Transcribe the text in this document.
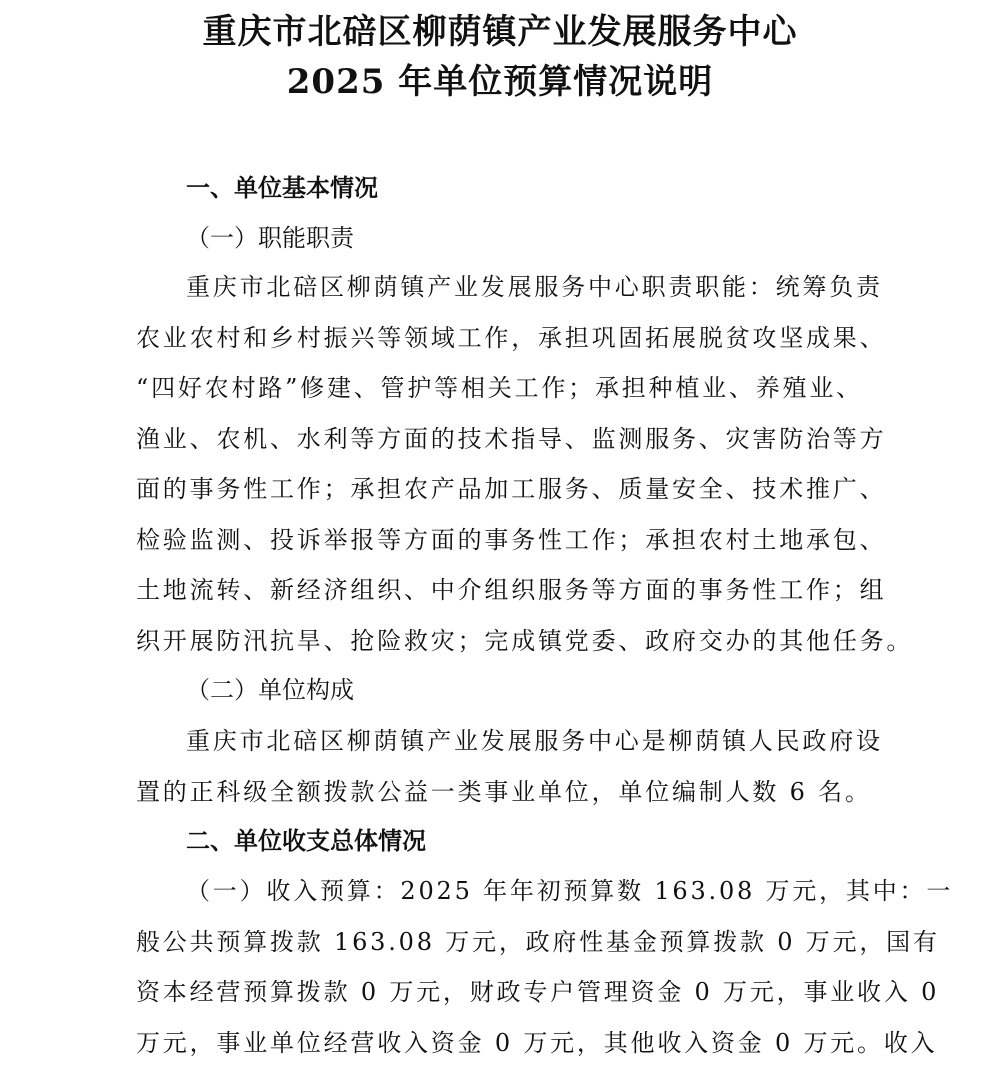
重庆市北碚区柳荫镇产业发展服务中心
2025 年单位预算情况说明
一、单位基本情况
（一）职能职责
重庆市北碚区柳荫镇产业发展服务中心职责职能：统筹负责
农业农村和乡村振兴等领域工作，承担巩固拓展脱贫攻坚成果、
“四好农村路”修建、管护等相关工作；承担种植业、养殖业、
渔业、农机、水利等方面的技术指导、监测服务、灾害防治等方
面的事务性工作；承担农产品加工服务、质量安全、技术推广、
检验监测、投诉举报等方面的事务性工作；承担农村土地承包、
土地流转、新经济组织、中介组织服务等方面的事务性工作；组
织开展防汛抗旱、抢险救灾；完成镇党委、政府交办的其他任务。
（二）单位构成
重庆市北碚区柳荫镇产业发展服务中心是柳荫镇人民政府设
置的正科级全额拨款公益一类事业单位，单位编制人数 6 名。
二、单位收支总体情况
（一）收入预算：2025 年年初预算数 163.08 万元，其中：一
般公共预算拨款 163.08 万元，政府性基金预算拨款 0 万元，国有
资本经营预算拨款 0 万元，财政专户管理资金 0 万元，事业收入 0
万元，事业单位经营收入资金 0 万元，其他收入资金 0 万元。收入
